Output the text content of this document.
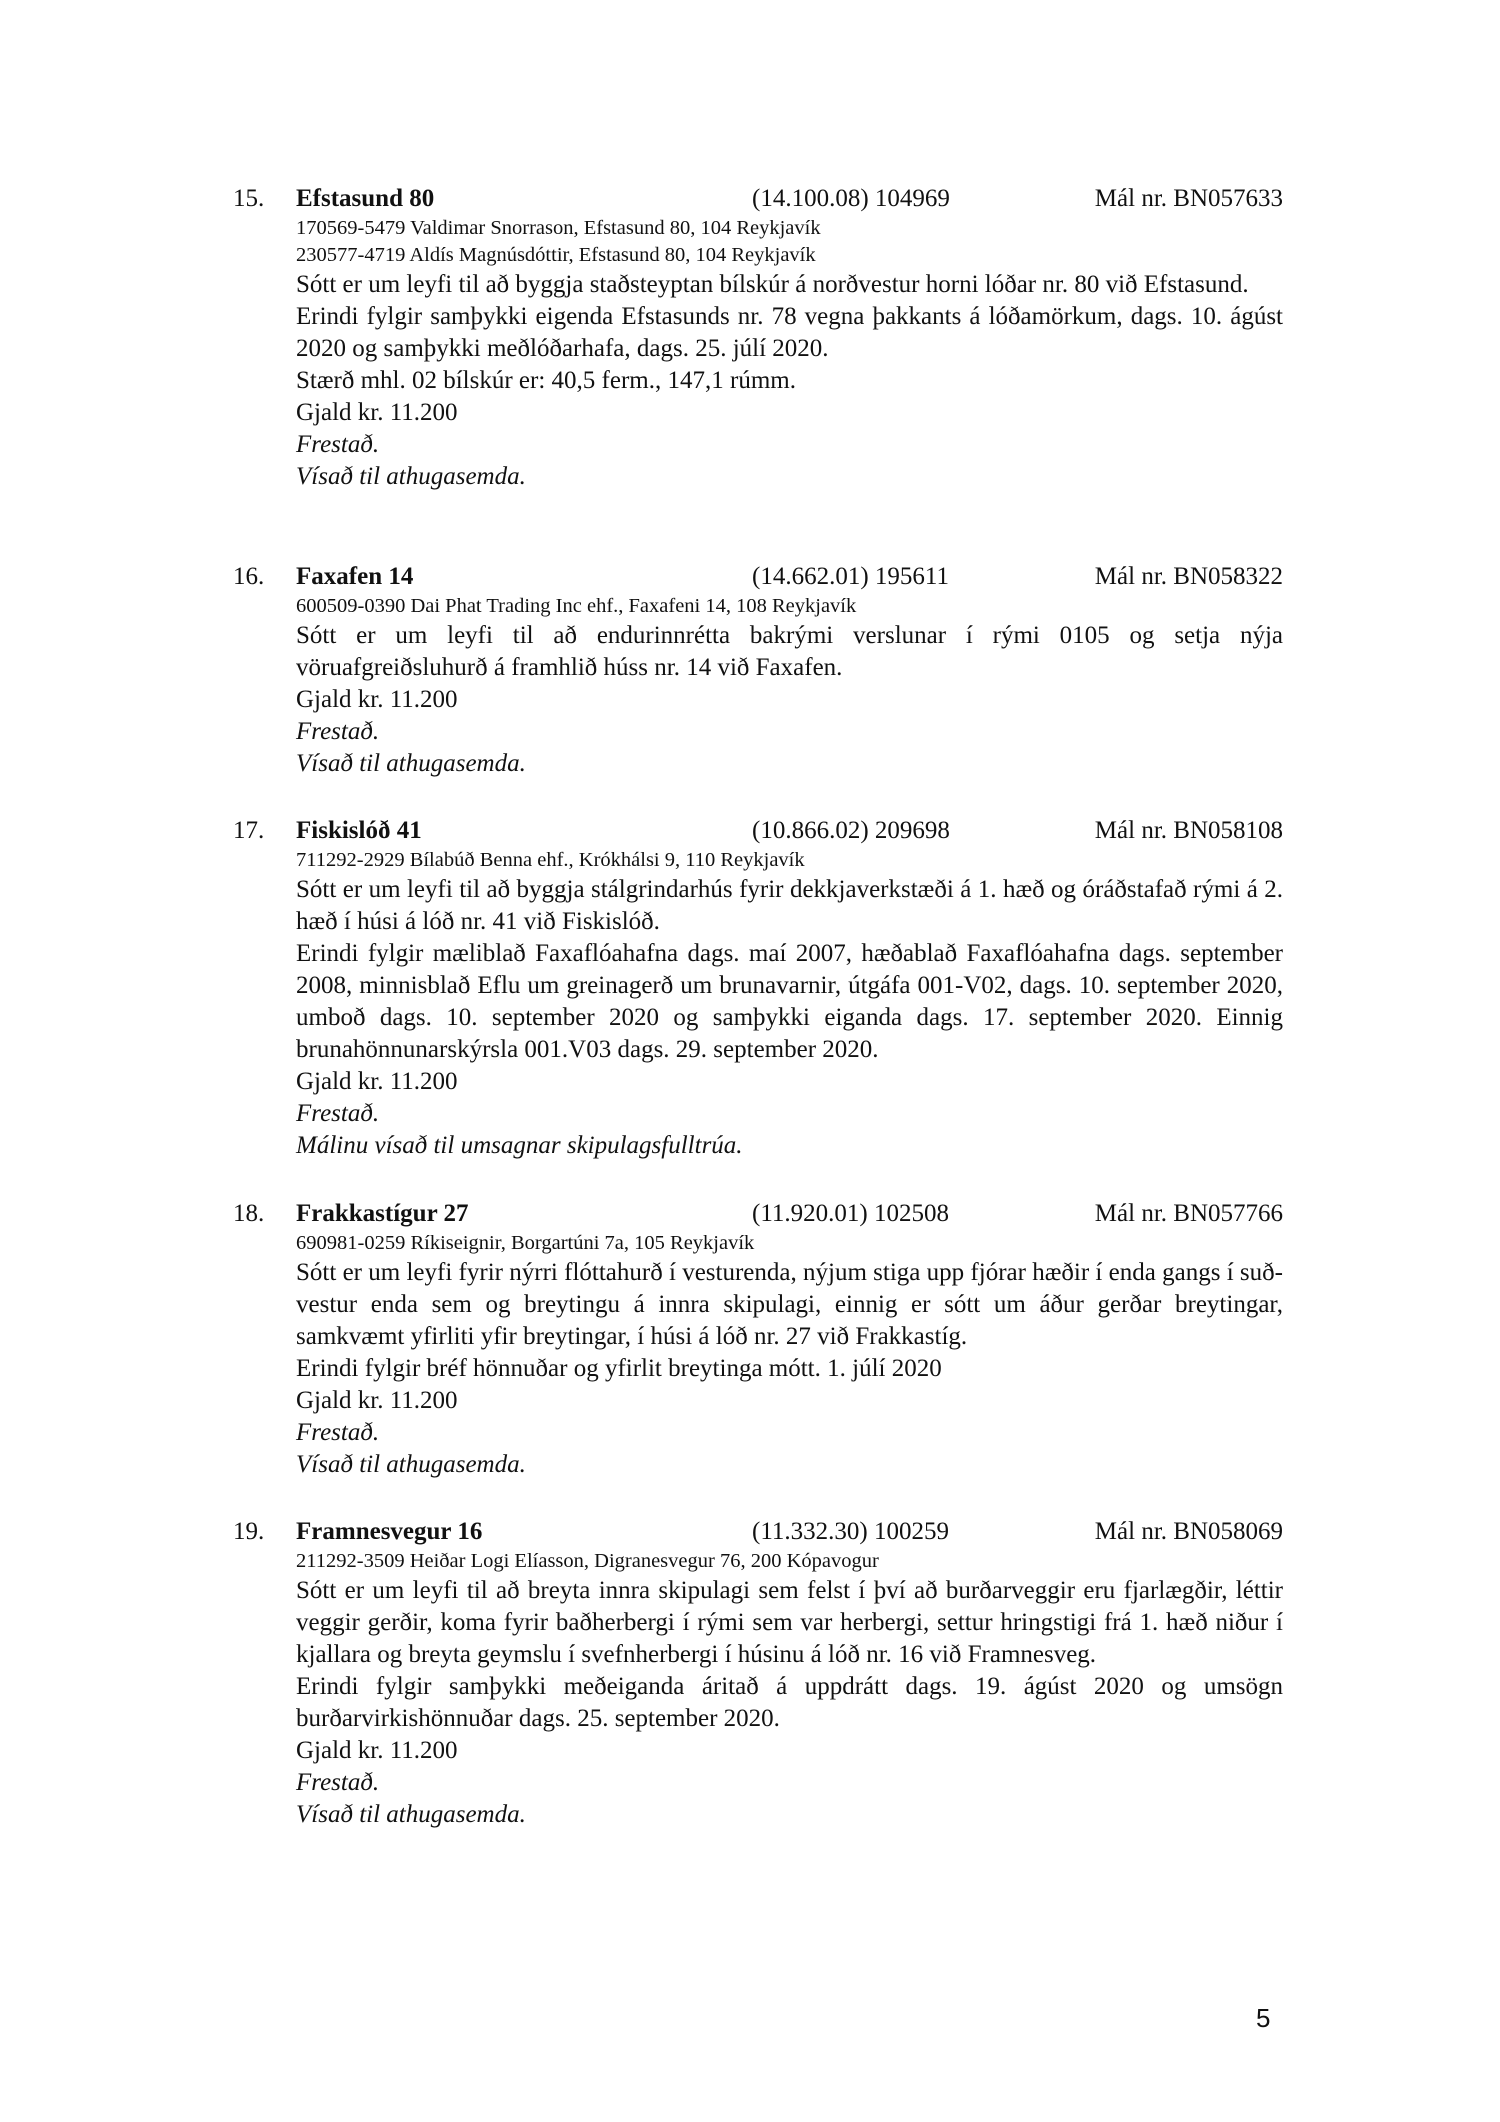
15. Efstasund 80	(14.100.08) 104969	Mál nr. BN057633
170569-5479 Valdimar Snorrason, Efstasund 80, 104 Reykjavík
230577-4719 Aldís Magnúsdóttir, Efstasund 80, 104 Reykjavík
Sótt er um leyfi til að byggja staðsteyptan bílskúr á norðvestur horni lóðar nr. 80 við Efstasund.
Erindi fylgir samþykki eigenda Efstasunds nr. 78 vegna þakkants á lóðamörkum, dags. 10. ágúst 2020 og samþykki meðlóðarhafa, dags. 25. júlí 2020.
Stærð mhl. 02 bílskúr er: 40,5 ferm., 147,1 rúmm.
Gjald kr. 11.200
Frestað.
Vísað til athugasemda.
16. Faxafen 14	(14.662.01) 195611	Mál nr. BN058322
600509-0390 Dai Phat Trading Inc ehf., Faxafeni 14, 108 Reykjavík
Sótt er um leyfi til að endurinnrétta bakrými verslunar í rými 0105 og setja nýja vöruafgreiðsluhurð á framhlið húss nr. 14 við Faxafen.
Gjald kr. 11.200
Frestað.
Vísað til athugasemda.
17. Fiskislóð 41	(10.866.02) 209698	Mál nr. BN058108
711292-2929 Bílabúð Benna ehf., Krókhálsi 9, 110 Reykjavík
Sótt er um leyfi til að byggja stálgrindarhús fyrir dekkjaverkstæði á 1. hæð og óráðstafað rými á 2. hæð í húsi á lóð nr. 41 við Fiskislóð.
Erindi fylgir mæliblað Faxaflóahafna dags. maí 2007, hæðablað Faxaflóahafna dags. september 2008, minnisblað Eflu um greinagerð um brunavarnir, útgáfa 001-V02, dags. 10. september 2020, umboð dags. 10. september 2020 og samþykki eiganda dags. 17. september 2020. Einnig brunahönnunarskýrsla 001.V03 dags. 29. september 2020.
Gjald kr. 11.200
Frestað.
Málinu vísað til umsagnar skipulagsfulltrúa.
18. Frakkastígur 27	(11.920.01) 102508	Mál nr. BN057766
690981-0259 Ríkiseignir, Borgartúni 7a, 105 Reykjavík
Sótt er um leyfi fyrir nýrri flóttahurð í vesturenda, nýjum stiga upp fjórar hæðir í enda gangs í suð-vestur enda sem og breytingu á innra skipulagi, einnig er sótt um áður gerðar breytingar, samkvæmt yfirliti yfir breytingar, í húsi á lóð nr. 27 við Frakkastíg.
Erindi fylgir bréf hönnuðar og yfirlit breytinga mótt. 1. júlí 2020
Gjald kr. 11.200
Frestað.
Vísað til athugasemda.
19. Framnesvegur 16	(11.332.30) 100259	Mál nr. BN058069
211292-3509 Heiðar Logi Elíasson, Digranesvegur 76, 200 Kópavogur
Sótt er um leyfi til að breyta innra skipulagi sem felst í því að burðarveggir eru fjarlægðir, léttir veggir gerðir, koma fyrir baðherbergi í rými sem var herbergi, settur hringstigi frá 1. hæð niður í kjallara og breyta geymslu í svefnherbergi í húsinu á lóð nr. 16 við Framnesveg.
Erindi fylgir samþykki meðeiganda áritað á uppdrátt dags. 19. ágúst 2020 og umsögn burðarvirkishönnuðar dags. 25. september 2020.
Gjald kr. 11.200
Frestað.
Vísað til athugasemda.
5
